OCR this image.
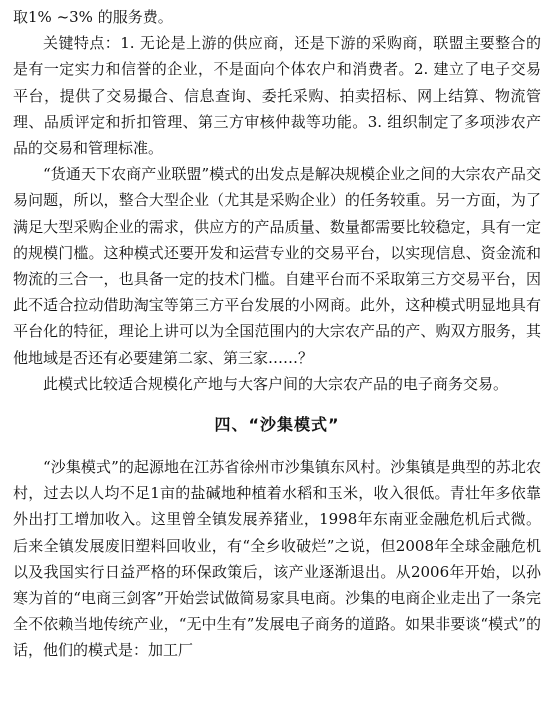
取1% ~3% 的服务费。

关键特点：1. 无论是上游的供应商，还是下游的采购商，联盟主要整合的是有一定实力和信誉的企业，不是面向个体农户和消费者。2. 建立了电子交易平台，提供了交易撮合、信息查询、委托采购、拍卖招标、网上结算、物流管理、品质评定和折扣管理、第三方审核仲裁等功能。3. 组织制定了多项涉农产品的交易和管理标准。

“货通天下农商产业联盟”模式的出发点是解决规模企业之间的大宗农产品交易问题，所以，整合大型企业（尤其是采购企业）的任务较重。另一方面，为了满足大型采购企业的需求，供应方的产品质量、数量都需要比较稳定，具有一定的规模门槛。这种模式还要开发和运营专业的交易平台，以实现信息、资金流和物流的三合一，也具备一定的技术门槛。自建平台而不采取第三方交易平台，因此不适合拉动借助淘宝等第三方平台发展的小网商。此外，这种模式明显地具有平台化的特征，理论上讲可以为全国范围内的大宗农产品的产、购双方服务，其他地域是否还有必要建第二家、第三家……？

此模式比较适合规模化产地与大客户间的大宗农产品的电子商务交易。

四、“沙集模式”

“沙集模式”的起源地在江苏省徐州市沙集镇东风村。沙集镇是典型的苏北农村，过去以人均不足1亩的盐碱地种植着水稻和玉米，收入很低。青壮年多依靠外出打工增加收入。这里曾全镇发展养猪业，1998年东南亚金融危机后式微。后来全镇发展废旧塑料回收业，有“全乡收破烂”之说，但2008年全球金融危机以及我国实行日益严格的环保政策后，该产业逐渐退出。从2006年开始，以孙寒为首的“电商三剑客”开始尝试做简易家具电商。沙集的电商企业走出了一条完全不依赖当地传统产业，“无中生有”发展电子商务的道路。如果非要谈“模式”的话，他们的模式是：加工厂
